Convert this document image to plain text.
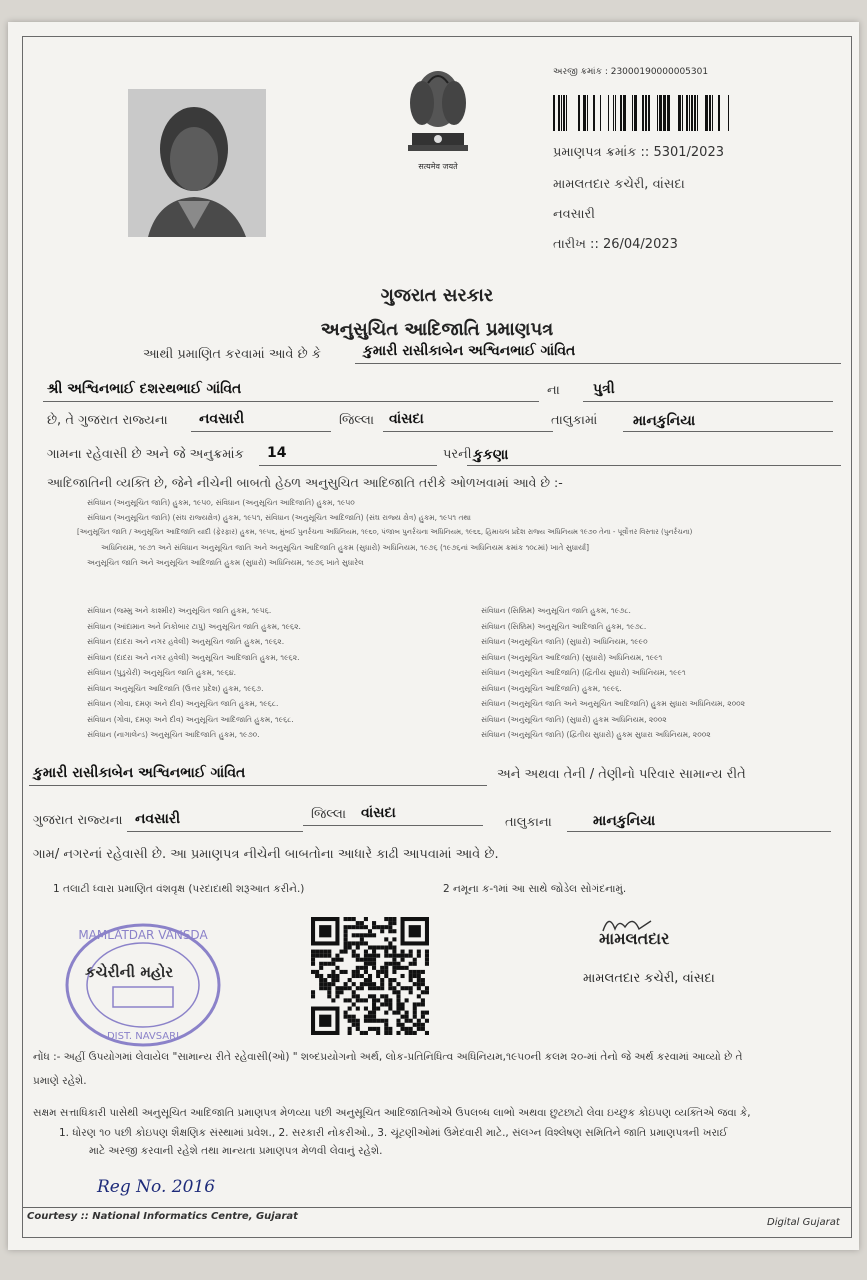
सत्यमेव जयते
અરજી ક્રમાંક : 23000190000005301
પ્રમાણપત્ર ક્રમાંક :: 5301/2023
મામલતદાર કચેરી, વાંસદા
નવસારી
તારીખ :: 26/04/2023
ગુજરાત સરકાર
અનુસુચિત આદિજાતિ પ્રમાણપત્ર
આથી પ્રમાણિત કરવામાં આવે છે કે	કુમારી રાસીકાબેન અશ્વિનભાઈ ગાંવિત
શ્રી અશ્વિનભાઈ દશરથભાઈ ગાંવિત	ના પુત્રી
છે, તે ગુજરાત રાજ્યના નવસારી	જિલ્લા વાંસદા	તાલુકામાં	માનકુનિયા
ગામના રહેવાસી છે અને જે અનુક્રમાંક 14	પરની કુકણા
આદિજાતિની વ્યક્તિ છે, જેને નીચેની બાબતો હેઠળ અનુસુચિત આદિજાતિ તરીકે ઓળખવામાં આવે છે :-
સંવિધાન (અનુસૂચિત જાતિ) હુકમ, ૧૯૫૦, સંવિધાન (અનુસૂચિત આદિજાતિ) હુકમ, ૧૯૫૦
સંવિધાન (અનુસૂચિત જાતિ) (સંઘ રાજ્યક્ષેત્ર) હુકમ, ૧૯૫૧, સંવિધાન (અનુસૂચિત આદિજાતિ) (સંઘ રાજ્ય ક્ષેત્ર) હુકમ, ૧૯૫૧ તથા
[અનુસૂચિત જાતિ / અનુસૂચિત આદિજાતિ યાદી (ફેરફાર) હુકમ, ૧૯૫૬, મુંબઈ પુનર્રચના અધિનિયમ, ૧૯૬૦, પંજાબ પુનર્રચના અધિનિયમ, ૧૯૬૬, હિમાચલ પ્રદેશ રાજ્ય અધિનિયમ ૧૯૭૦ તેના - પૂર્વોત્તર વિસ્તાર (પુનર્રચના)
અધિનિયમ, ૧૯૭૧ અને સંવિધાન અનુસૂચિત જાતિ અને અનુસૂચિત આદિજાતિ હુકમ (સુધારો) અધિનિયમ, ૧૯૭૬ (૧૯૭૬નાં અધિનિયમ ક્રમાંક ૧૦૮માં) ખાતે સુધાર્યા]
અનુસૂચિત જાતિ અને અનુસૂચિત આદિજાતિ હુકમ (સુધારો) અધિનિયમ, ૧૯૭૬ ખાતે સુધારેલ
સંવિધાન (જમ્મુ અને કાશ્મીર) અનુસૂચિત જાતિ હુકમ, ૧૯૫૬.
સંવિધાન (આંદામાન અને નિકોબાર ટાપુ) અનુસૂચિત જાતિ હુકમ, ૧૯૬૨.
સંવિધાન (દાદરા અને નગર હવેલી) અનુસૂચિત જાતિ હુકમ, ૧૯૬૨.
સંવિધાન (દાદરા અને નગર હવેલી) અનુસૂચિત આદિજાતિ હુકમ, ૧૯૬૨.
સંવિધાન (પુડુચેરી) અનુસૂચિત જાતિ હુકમ, ૧૯૬૪.
સંવિધાન અનુસૂચિત આદિજાતિ (ઉત્તર પ્રદેશ) હુકમ, ૧૯૬૭.
સંવિધાન (ગોવા, દમણ અને દીવ) અનુસૂચિત જાતિ હુકમ, ૧૯૬૮.
સંવિધાન (ગોવા, દમણ અને દીવ) અનુસૂચિત આદિજાતિ હુકમ, ૧૯૬૮.
સંવિધાન (નાગાલેન્ડ) અનુસૂચિત આદિજાતિ હુકમ, ૧૯૭૦.
સંવિધાન (સિક્કિમ) અનુસૂચિત જાતિ હુકમ, ૧૯૭૮.
સંવિધાન (સિક્કિમ) અનુસૂચિત આદિજાતિ હુકમ, ૧૯૭૮.
સંવિધાન (અનુસૂચિત જાતિ) (સુધારો) અધિનિયમ, ૧૯૯૦
સંવિધાન (અનુસૂચિત આદિજાતિ) (સુધારો) અધિનિયમ, ૧૯૯૧
સંવિધાન (અનુસૂચિત આદિજાતિ) (દ્વિતીય સુધારો) અધિનિયમ, ૧૯૯૧
સંવિધાન (અનુસૂચિત આદિજાતિ) હુકમ, ૧૯૯૬.
સંવિધાન (અનુસૂચિત જાતિ અને અનુસૂચિત આદિજાતિ) હુકમ સુધારા અધિનિયમ, ૨૦૦૨
સંવિધાન (અનુસૂચિત જાતિ) (સુધારો) હુકમ અધિનિયમ, ૨૦૦૨
સંવિધાન (અનુસૂચિત જાતિ) (દ્વિતીય સુધારો) હુકમ સુધારા અધિનિયમ, ૨૦૦૨
કુમારી રાસીકાબેન અશ્વિનભાઈ ગાંવિત	અને અથવા તેની / તેણીનો પરિવાર સામાન્ય રીતે
ગુજરાત રાજ્યના નવસારી	જિલ્લા વાંસદા
તાલુકાના	માનકુનિયા
ગામ/ નગરનાં રહેવાસી છે. આ પ્રમાણપત્ર નીચેની બાબતોના આધારે કાઢી આપવામાં આવે છે.
1 તલાટી ધ્વારા પ્રમાણિત વંશવૃક્ષ (પરદાદાથી શરૂઆત કરીને.)	2 નમૂના ક-૧માં આ સાથે જોડેલ સોગંદનામું.
MAMLATDAR VANSDA
DIST. NAVSARI
કચેરીની મહોર
મામલતદાર
મામલતદાર કચેરી, વાંસદા
નોંધ :- અહીં ઉપયોગમાં લેવાયેલ "સામાન્ય રીતે રહેવાસી(ઓ) " શબ્દપ્રયોગનો અર્થ, લોક-પ્રતિનિધિત્વ અધિનિયમ,૧૯૫૦ની કલમ ૨૦-માં તેનો જે અર્થ કરવામાં આવ્યો છે તે
પ્રમાણે રહેશે.
સક્ષમ સત્તાધિકારી પાસેથી અનુસૂચિત આદિજાતિ પ્રમાણપત્ર મેળવ્યા પછી અનુસૂચિત આદિજાતિઓએ ઉપલબ્ધ લાભો અથવા છુટછાટો લેવા ઇચ્છુક કોઇપણ વ્યક્તિએ જવા કે,
1. ધોરણ ૧૦ પછી કોઇપણ શૈક્ષણિક સંસ્થામાં પ્રવેશ., 2. સરકારી નોકરીઓ., 3. ચૂંટણીઓમાં ઉમેદવારી માટે., સંલગ્ન વિશ્લેષણ સમિતિને જાતિ પ્રમાણપત્રની ખરાઈ
માટે અરજી કરવાની રહેશે તથા માન્યતા પ્રમાણપત્ર મેળવી લેવાનું રહેશે.
Reg No. 2016
Courtesy :: National Informatics Centre, Gujarat
Digital Gujarat
